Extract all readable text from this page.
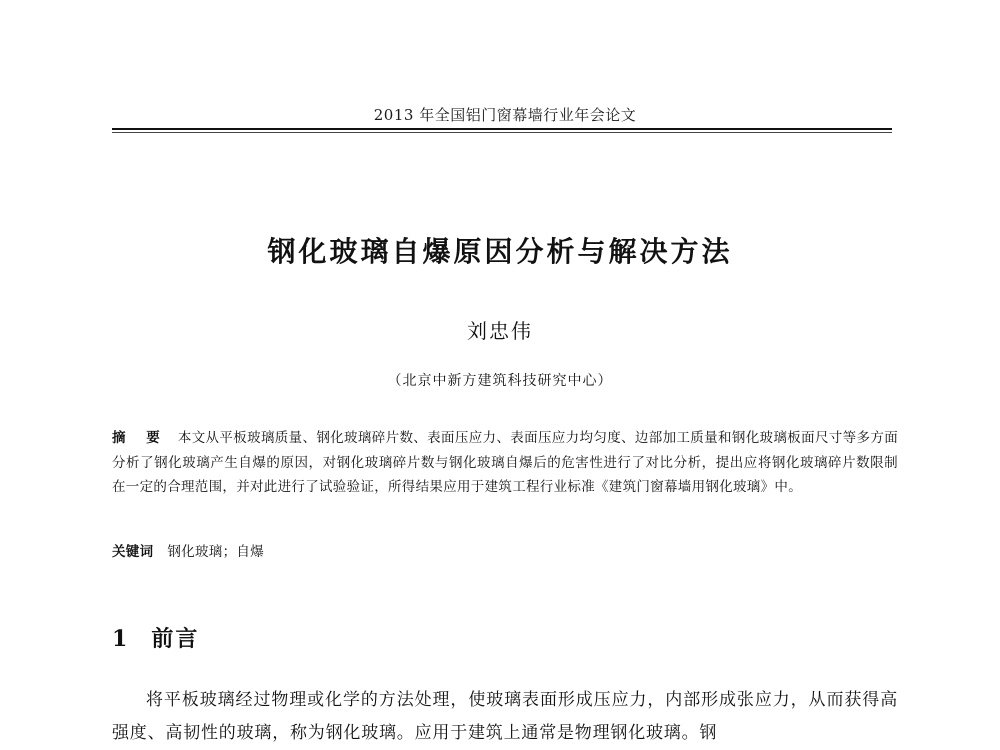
2013 年全国铝门窗幕墙行业年会论文
钢化玻璃自爆原因分析与解决方法
刘忠伟
（北京中新方建筑科技研究中心）
摘 要 本文从平板玻璃质量、钢化玻璃碎片数、表面压应力、表面压应力均匀度、边部加工质量和钢化玻璃板面尺寸等多方面分析了钢化玻璃产生自爆的原因，对钢化玻璃碎片数与钢化玻璃自爆后的危害性进行了对比分析，提出应将钢化玻璃碎片数限制在一定的合理范围，并对此进行了试验验证，所得结果应用于建筑工程行业标准《建筑门窗幕墙用钢化玻璃》中。
关键词 钢化玻璃；自爆
1 前言
将平板玻璃经过物理或化学的方法处理，使玻璃表面形成压应力，内部形成张应力，从而获得高强度、高韧性的玻璃，称为钢化玻璃。应用于建筑上通常是物理钢化玻璃。钢
